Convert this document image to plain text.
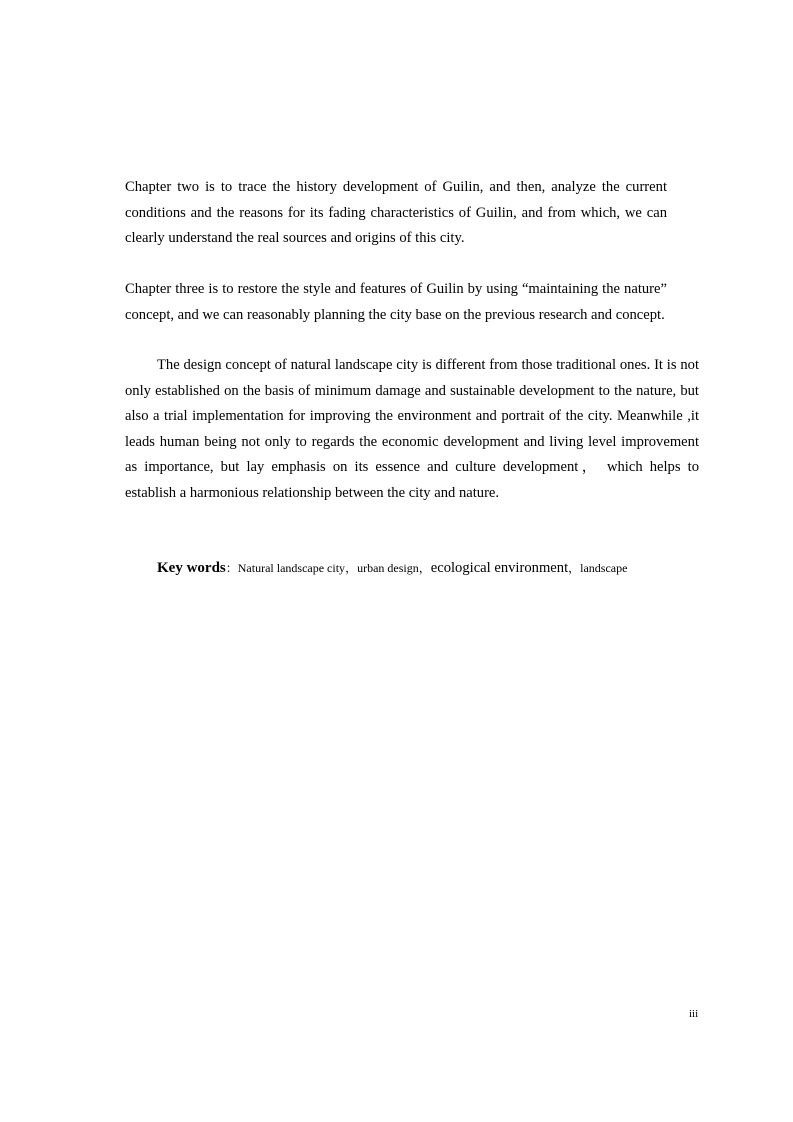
Chapter two is to trace the history development of Guilin, and then, analyze the current conditions and the reasons for its fading characteristics of Guilin, and from which, we can clearly understand the real sources and origins of this city.

Chapter three is to restore the style and features of Guilin by using “maintaining the nature” concept, and we can reasonably planning the city base on the previous research and concept.

The design concept of natural landscape city is different from those traditional ones. It is not only established on the basis of minimum damage and sustainable development to the nature, but also a trial implementation for improving the environment and portrait of the city. Meanwhile ,it leads human being not only to regards the economic development and living level improvement as importance, but lay emphasis on its essence and culture development， which helps to establish a harmonious relationship between the city and nature.

Key words：Natural landscape city，urban design，ecological environment，landscape
iii
